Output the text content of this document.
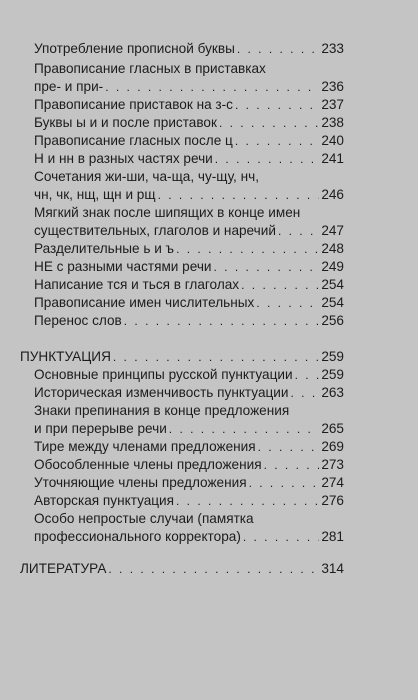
Употребление прописной буквы . . .	233
Правописание гласных в приставках
пре- и при- . . .	236
Правописание приставок на з-с . . .	237
Буквы ы и и после приставок . . .	238
Правописание гласных после ц . . .	240
Н и нн в разных частях речи . . .	241
Сочетания жи-ши, ча-ща, чу-щу, нч,
чн, чк, нщ, щн и рщ . . .	246
Мягкий знак после шипящих в конце имен
существительных, глаголов и наречий . . .	247
Разделительные ь и ъ . . .	248
НЕ с разными частями речи . . .	249
Написание тся и ться в глаголах . . .	254
Правописание имен числительных . . .	254
Перенос слов . . .	256
ПУНКТУАЦИЯ . . .	259
Основные принципы русской пунктуации . . . 259
Историческая изменчивость пунктуации . . . 263
Знаки препинания в конце предложения
и при перерыве речи . . .	265
Тире между членами предложения . . .	269
Обособленные члены предложения . . .	273
Уточняющие члены предложения . . .	274
Авторская пунктуация . . .	276
Особо непростые случаи (памятка
профессионального корректора) . . .	281
ЛИТЕРАТУРА . . .	314
